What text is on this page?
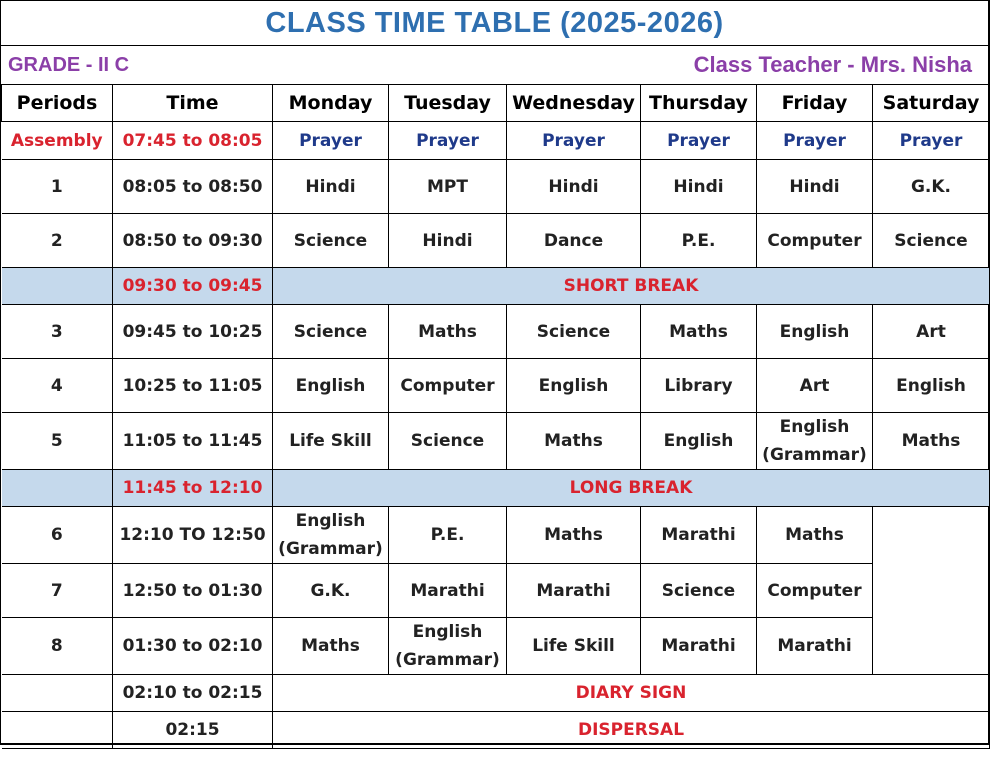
CLASS TIME TABLE (2025-2026)
GRADE - II C	Class Teacher - Mrs. Nisha
Periods	Time	Monday	Tuesday	Wednesday	Thursday	Friday	Saturday
Assembly	07:45 to 08:05	Prayer	Prayer	Prayer	Prayer	Prayer	Prayer
1	08:05 to 08:50	Hindi	MPT	Hindi	Hindi	Hindi	G.K.
2	08:50 to 09:30	Science	Hindi	Dance	P.E.	Computer	Science
	09:30 to 09:45	SHORT BREAK					
3	09:45 to 10:25	Science	Maths	Science	Maths	English	Art
4	10:25 to 11:05	English	Computer	English	Library	Art	English
5	11:05 to 11:45	Life Skill	Science	Maths	English	English (Grammar)	Maths
	11:45 to 12:10	LONG BREAK					
6	12:10 TO 12:50	English (Grammar)	P.E.	Maths	Marathi	Maths	
7	12:50 to 01:30	G.K.	Marathi	Marathi	Science	Computer	
8	01:30 to 02:10	Maths	English (Grammar)	Life Skill	Marathi	Marathi	
	02:10 to 02:15	DIARY SIGN					
	02:15	DISPERSAL					
